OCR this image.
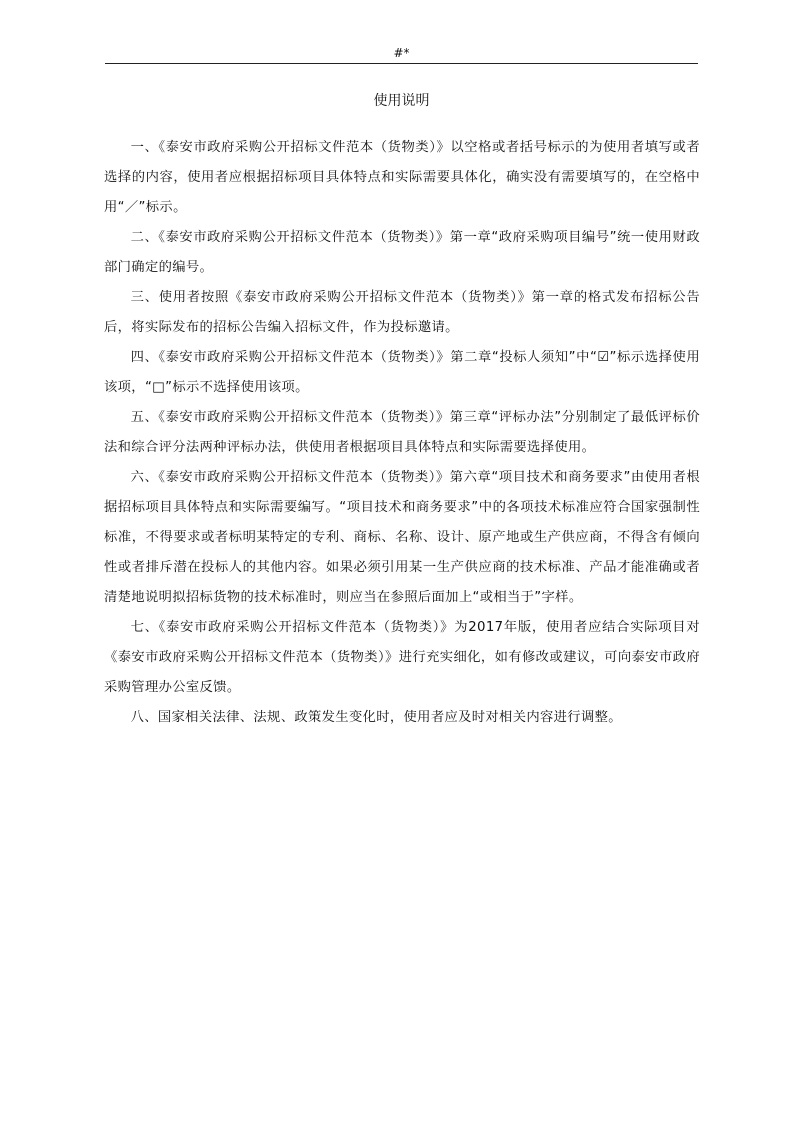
#*
使用说明

一、《泰安市政府采购公开招标文件范本（货物类）》以空格或者括号标示的为使用者填写或者选择的内容，使用者应根据招标项目具体特点和实际需要具体化，确实没有需要填写的，在空格中用“／”标示。

二、《泰安市政府采购公开招标文件范本（货物类）》第一章“政府采购项目编号”统一使用财政部门确定的编号。

三、使用者按照《泰安市政府采购公开招标文件范本（货物类）》第一章的格式发布招标公告后，将实际发布的招标公告编入招标文件，作为投标邀请。

四、《泰安市政府采购公开招标文件范本（货物类）》第二章“投标人须知”中“☑”标示选择使用该项，“□”标示不选择使用该项。

五、《泰安市政府采购公开招标文件范本（货物类）》第三章“评标办法”分别制定了最低评标价法和综合评分法两种评标办法，供使用者根据项目具体特点和实际需要选择使用。

六、《泰安市政府采购公开招标文件范本（货物类）》第六章“项目技术和商务要求”由使用者根据招标项目具体特点和实际需要编写。“项目技术和商务要求”中的各项技术标准应符合国家强制性标准，不得要求或者标明某特定的专利、商标、名称、设计、原产地或生产供应商，不得含有倾向性或者排斥潜在投标人的其他内容。如果必须引用某一生产供应商的技术标准、产品才能准确或者清楚地说明拟招标货物的技术标准时，则应当在参照后面加上“或相当于”字样。

七、《泰安市政府采购公开招标文件范本（货物类）》为2017年版，使用者应结合实际项目对《泰安市政府采购公开招标文件范本（货物类）》进行充实细化，如有修改或建议，可向泰安市政府采购管理办公室反馈。

八、国家相关法律、法规、政策发生变化时，使用者应及时对相关内容进行调整。
